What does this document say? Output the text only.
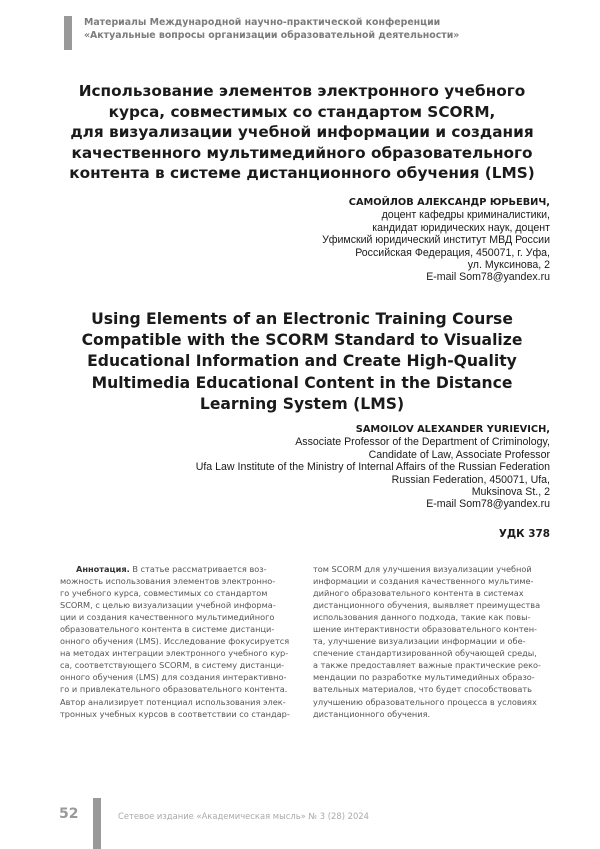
Материалы Международной научно-практической конференции
«Актуальные вопросы организации образовательной деятельности»
Использование элементов электронного учебного
курса, совместимых со стандартом SCORM,
для визуализации учебной информации и создания
качественного мультимедийного образовательного
контента в системе дистанционного обучения (LMS)
САМОЙЛОВ АЛЕКСАНДР ЮРЬЕВИЧ,
доцент кафедры криминалистики,
кандидат юридических наук, доцент
Уфимский юридический институт МВД России
Российская Федерация, 450071, г. Уфа,
ул. Муксинова, 2
E-mail Som78@yandex.ru
Using Elements of an Electronic Training Course
Compatible with the SCORM Standard to Visualize
Educational Information and Create High-Quality
Multimedia Educational Content in the Distance
Learning System (LMS)
SAMOILOV ALEXANDER YURIEVICH,
Associate Professor of the Department of Criminology,
Candidate of Law, Associate Professor
Ufa Law Institute of the Ministry of Internal Affairs of the Russian Federation
Russian Federation, 450071, Ufa,
Muksinova St., 2
E-mail Som78@yandex.ru
УДК 378
Аннотация. В статье рассматривается воз-
можность использования элементов электронно-
го учебного курса, совместимых со стандартом
SCORM, с целью визуализации учебной информа-
ции и создания качественного мультимедийного
образовательного контента в системе дистанци-
онного обучения (LMS). Исследование фокусируется
на методах интеграции электронного учебного кур-
са, соответствующего SCORM, в систему дистанци-
онного обучения (LMS) для создания интерактивно-
го и привлекательного образовательного контента.
Автор анализирует потенциал использования элек-
тронных учебных курсов в соответствии со стандар-
том SCORM для улучшения визуализации учебной
информации и создания качественного мультиме-
дийного образовательного контента в системах
дистанционного обучения, выявляет преимущества
использования данного подхода, такие как повы-
шение интерактивности образовательного контен-
та, улучшение визуализации информации и обе-
спечение стандартизированной обучающей среды,
а также предоставляет важные практические реко-
мендации по разработке мультимедийных образо-
вательных материалов, что будет способствовать
улучшению образовательного процесса в условиях
дистанционного обучения.
52	Сетевое издание «Академическая мысль» № 3 (28) 2024
